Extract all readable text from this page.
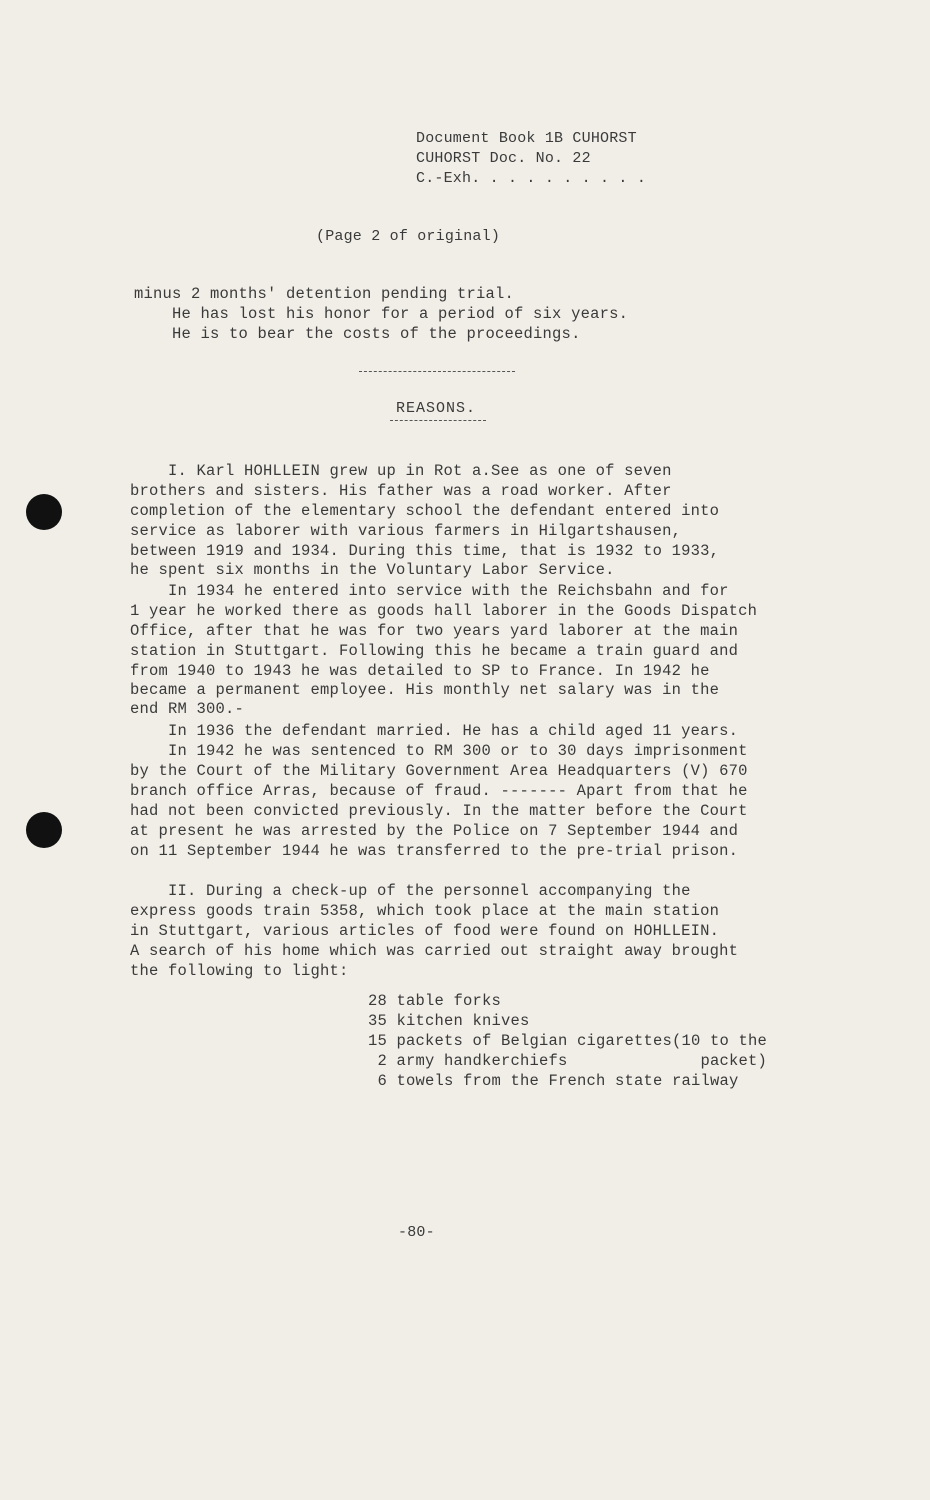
Document Book 1B CUHORST
CUHORST Doc. No. 22
C.-Exh. . . . . . . . . .
(Page 2 of original)
minus 2 months' detention pending trial.
He has lost his honor for a period of six years.
He is to bear the costs of the proceedings.
REASONS.
I. Karl HOHLLEIN grew up in Rot a.See as one of seven
brothers and sisters. His father was a road worker. After
completion of the elementary school the defendant entered into
service as laborer with various farmers in Hilgartshausen,
between 1919 and 1934. During this time, that is 1932 to 1933,
he spent six months in the Voluntary Labor Service.
In 1934 he entered into service with the Reichsbahn and for
1 year he worked there as goods hall laborer in the Goods Dispatch
Office, after that he was for two years yard laborer at the main
station in Stuttgart. Following this he became a train guard and
from 1940 to 1943 he was detailed to SP to France. In 1942 he
became a permanent employee. His monthly net salary was in the
end RM 300.-
In 1936 the defendant married. He has a child aged 11 years.
In 1942 he was sentenced to RM 300 or to 30 days imprisonment
by the Court of the Military Government Area Headquarters (V) 670
branch office Arras, because of fraud. ------- Apart from that he
had not been convicted previously. In the matter before the Court
at present he was arrested by the Police on 7 September 1944 and
on 11 September 1944 he was transferred to the pre-trial prison.
II. During a check-up of the personnel accompanying the
express goods train 5358, which took place at the main station
in Stuttgart, various articles of food were found on HOHLLEIN.
A search of his home which was carried out straight away brought
the following to light:
28 table forks
35 kitchen knives
15 packets of Belgian cigarettes(10 to the
2 army handkerchiefs              packet)
6 towels from the French state railway
-80-
